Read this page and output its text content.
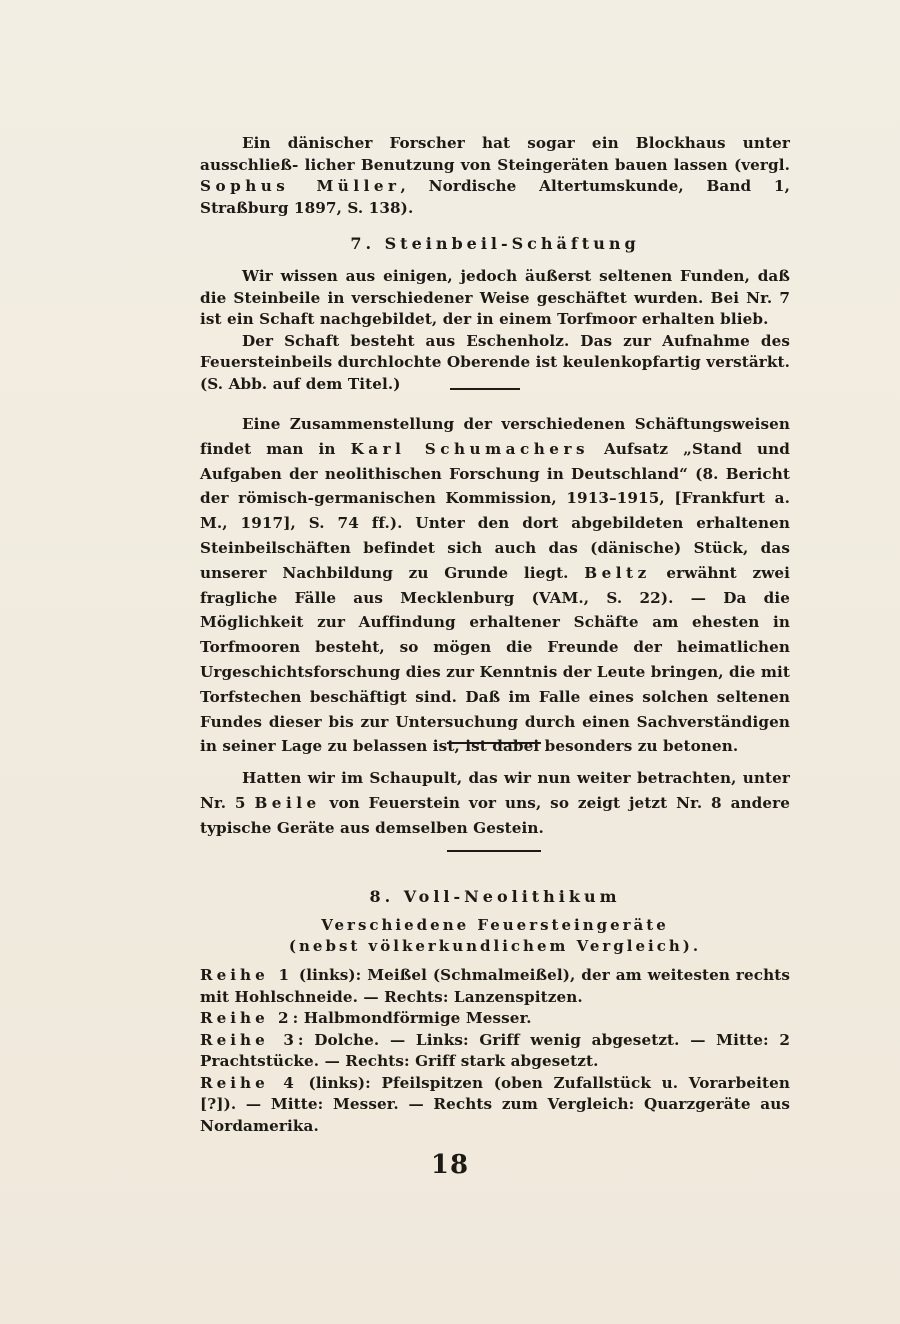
Ein dänischer Forscher hat sogar ein Blockhaus unter ausschließ- licher Benutzung von Steingeräten bauen lassen (vergl. Sophus Müller, Nordische Altertumskunde, Band 1, Straßburg 1897, S. 138).

7. Steinbeil-Schäftung

Wir wissen aus einigen, jedoch äußerst seltenen Funden, daß die Steinbeile in verschiedener Weise geschäftet wurden. Bei Nr. 7 ist ein Schaft nachgebildet, der in einem Torfmoor erhalten blieb.

Der Schaft besteht aus Eschenholz. Das zur Aufnahme des Feuersteinbeils durchlochte Oberende ist keulenkopfartig verstärkt. (S. Abb. auf dem Titel.)

Eine Zusammenstellung der verschiedenen Schäftungsweisen findet man in Karl Schumachers Aufsatz „Stand und Aufgaben der neolithischen Forschung in Deutschland“ (8. Bericht der römisch-germanischen Kommission, 1913–1915, [Frankfurt a. M., 1917], S. 74 ff.). Unter den dort abgebildeten erhaltenen Steinbeilschäften befindet sich auch das (dänische) Stück, das unserer Nachbildung zu Grunde liegt. Beltz erwähnt zwei fragliche Fälle aus Mecklenburg (VAM., S. 22). — Da die Möglichkeit zur Auffindung erhaltener Schäfte am ehesten in Torfmooren besteht, so mögen die Freunde der heimatlichen Urgeschichtsforschung dies zur Kenntnis der Leute bringen, die mit Torfstechen beschäftigt sind. Daß im Falle eines solchen seltenen Fundes dieser bis zur Untersuchung durch einen Sachverständigen in seiner Lage zu belassen ist, ist dabei besonders zu betonen.

Hatten wir im Schaupult, das wir nun weiter betrachten, unter Nr. 5 Beile von Feuerstein vor uns, so zeigt jetzt Nr. 8 andere typische Geräte aus demselben Gestein.

8. Voll-Neolithikum
Verschiedene Feuersteingeräte
(nebst völkerkundlichem Vergleich).

Reihe 1 (links): Meißel (Schmalmeißel), der am weitesten rechts mit Hohlschneide. — Rechts: Lanzenspitzen.

Reihe 2: Halbmondförmige Messer.

Reihe 3: Dolche. — Links: Griff wenig abgesetzt. — Mitte: 2 Prachtstücke. — Rechts: Griff stark abgesetzt.

Reihe 4 (links): Pfeilspitzen (oben Zufallstück u. Vorarbeiten [?]). — Mitte: Messer. — Rechts zum Vergleich: Quarzgeräte aus Nordamerika.

18
